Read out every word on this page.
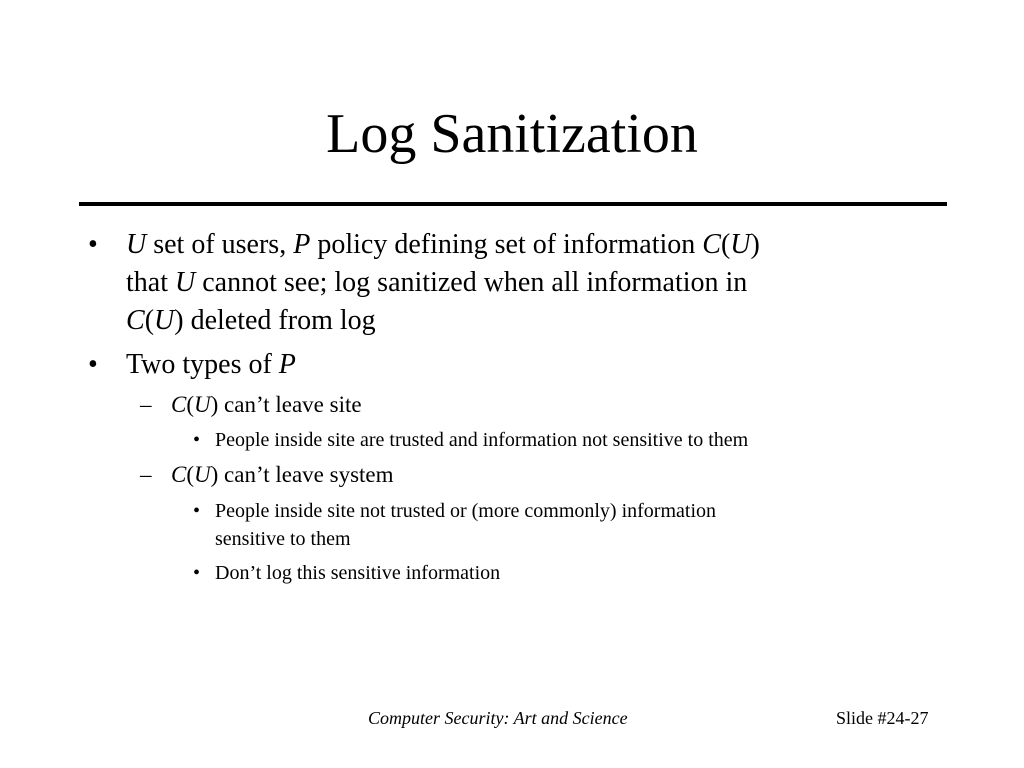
Log Sanitization
• U set of users, P policy defining set of information C(U)
that U cannot see; log sanitized when all information in
C(U) deleted from log
• Two types of P
– C(U) can’t leave site
• People inside site are trusted and information not sensitive to them
– C(U) can’t leave system
• People inside site not trusted or (more commonly) information
sensitive to them
• Don’t log this sensitive information
Computer Security: Art and Science	Slide #24-27
